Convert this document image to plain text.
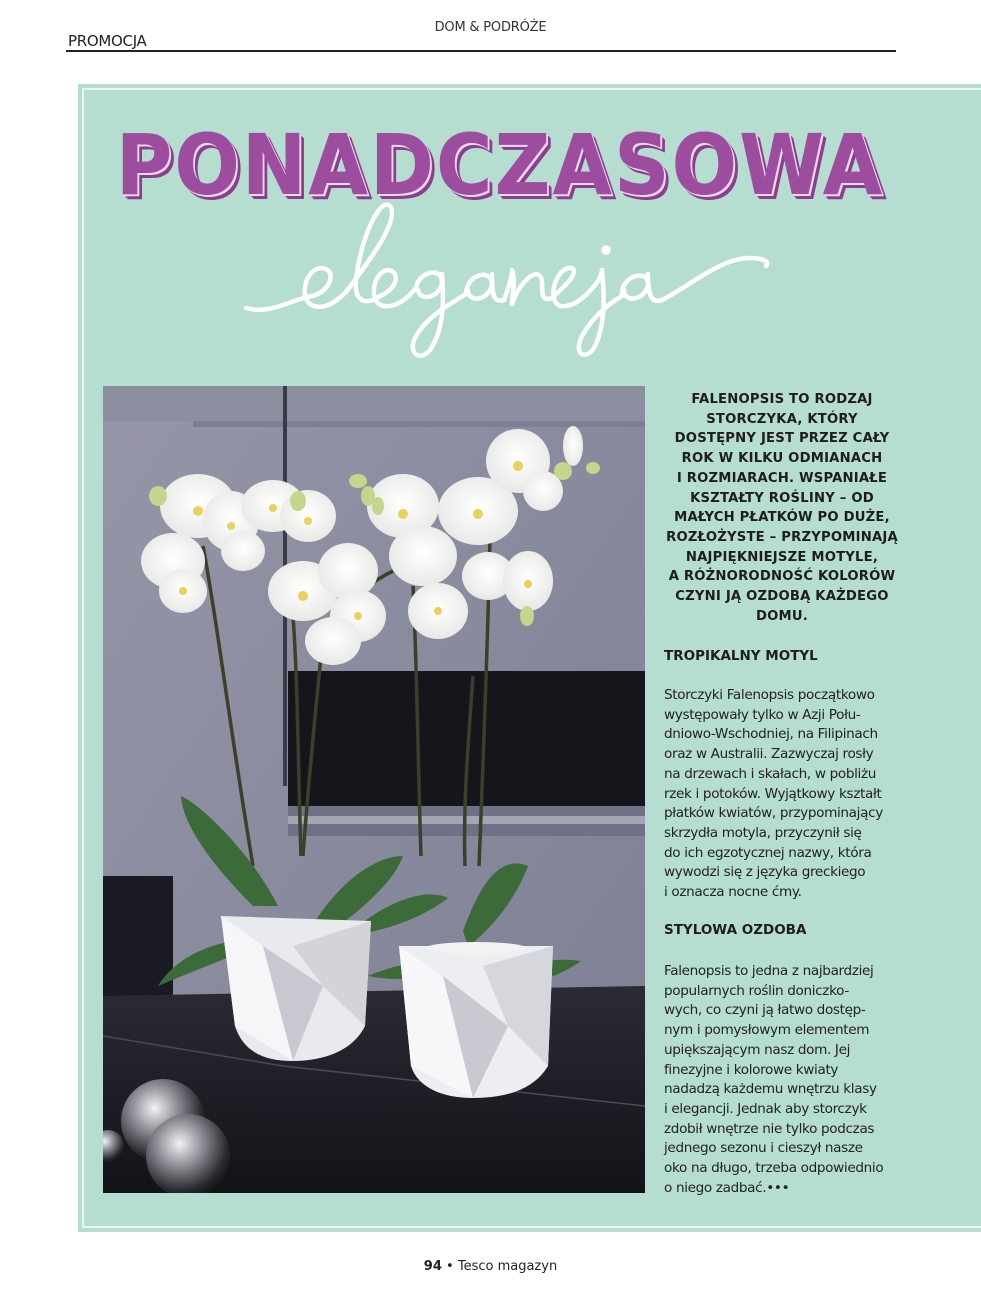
PROMOCJA
DOM & PODRÓŻE
PONADCZASOWA
FALENOPSIS TO RODZAJ
STORCZYKA, KTÓRY
DOSTĘPNY JEST PRZEZ CAŁY
ROK W KILKU ODMIANACH
I ROZMIARACH. WSPANIAŁE
KSZTAŁTY ROŚLINY – OD
MAŁYCH PŁATKÓW PO DUŻE,
ROZŁOŻYSTE – PRZYPOMINAJĄ
NAJPIĘKNIEJSZE MOTYLE,
A RÓŻNORODNOŚĆ KOLORÓW
CZYNI JĄ OZDOBĄ KAŻDEGO
DOMU.
TROPIKALNY MOTYL
Storczyki Falenopsis początkowo
występowały tylko w Azji Połu-
dniowo-Wschodniej, na Filipinach
oraz w Australii. Zazwyczaj rosły
na drzewach i skałach, w pobliżu
rzek i potoków. Wyjątkowy kształt
płatków kwiatów, przypominający
skrzydła motyla, przyczynił się
do ich egzotycznej nazwy, która
wywodzi się z języka greckiego
i oznacza nocne ćmy.
STYLOWA OZDOBA
Falenopsis to jedna z najbardziej
popularnych roślin doniczko-
wych, co czyni ją łatwo dostęp-
nym i pomysłowym elementem
upiększającym nasz dom. Jej
finezyjne i kolorowe kwiaty
nadadzą każdemu wnętrzu klasy
i elegancji. Jednak aby storczyk
zdobił wnętrze nie tylko podczas
jednego sezonu i cieszył nasze
oko na długo, trzeba odpowiednio
o niego zadbać.•••
94 • Tesco magazyn
